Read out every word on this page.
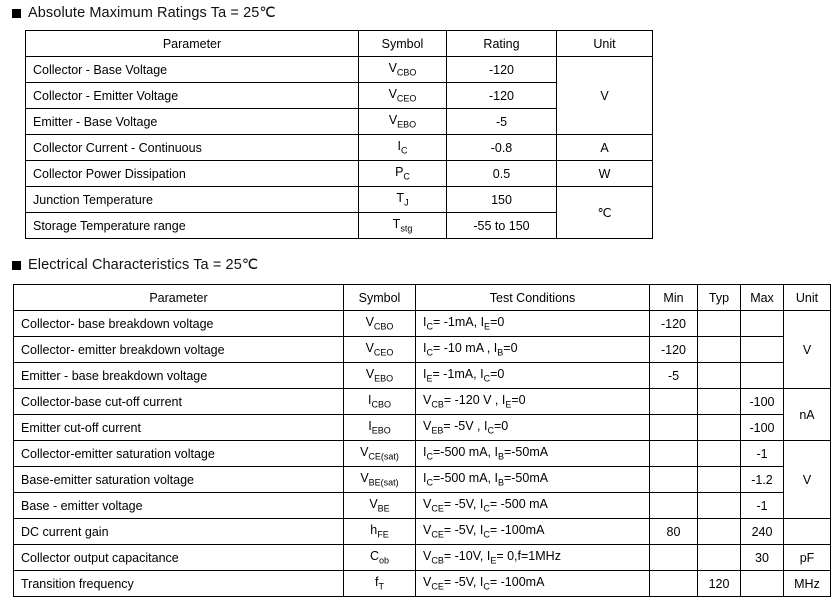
Absolute Maximum Ratings Ta = 25℃
Parameter	Symbol	Rating	Unit
Collector - Base Voltage	$V_{CBO}$	-120	V
Collector - Emitter Voltage	$V_{CEO}$	-120	
Emitter - Base Voltage	$V_{EBO}$	-5	
Collector Current - Continuous	$I_C$	-0.8	A
Collector Power Dissipation	$P_C$	0.5	W
Junction Temperature	$T_J$	150	℃
Storage Temperature range	$T_{stg}$	-55 to 150	
Electrical Characteristics Ta = 25℃
Parameter	Symbol	Test Conditions	Min	Typ	Max	Unit
Collector- base breakdown voltage	$V_{CBO}$	$I_C= -1mA$, $I_E=0$	-120			V
Collector- emitter breakdown voltage	$V_{CEO}$	$I_C= -10$ mA , $I_B=0$	-120			
Emitter - base breakdown voltage	$V_{EBO}$	$I_E= -1mA$, $I_C=0$	-5			
Collector-base cut-off current	$I_{CBO}$	$V_{CB}= -120$ V , $I_E=0$			-100	nA
Emitter cut-off current	$I_{EBO}$	$V_{EB}= -5V$ , $I_C=0$			-100	
Collector-emitter saturation voltage	$V_{CE(sat)}$	$I_C=-500$ mA, $I_B=-50mA$			-1	V
Base-emitter saturation voltage	$V_{BE(sat)}$	$I_C=-500$ mA, $I_B=-50mA$			-1.2	
Base - emitter voltage	$V_{BE}$	$V_{CE}= -5V$, $I_C= -500$ mA			-1	
DC current gain	$h_{FE}$	$V_{CE}= -5V$, $I_C= -100mA$	80		240	
Collector output capacitance	$C_{ob}$	$V_{CB}= -10V$, $I_E= 0,f=1MHz$			30	pF
Transition frequency	$f_T$	$V_{CE}= -5V$, $I_C= -100mA$		120		MHz
